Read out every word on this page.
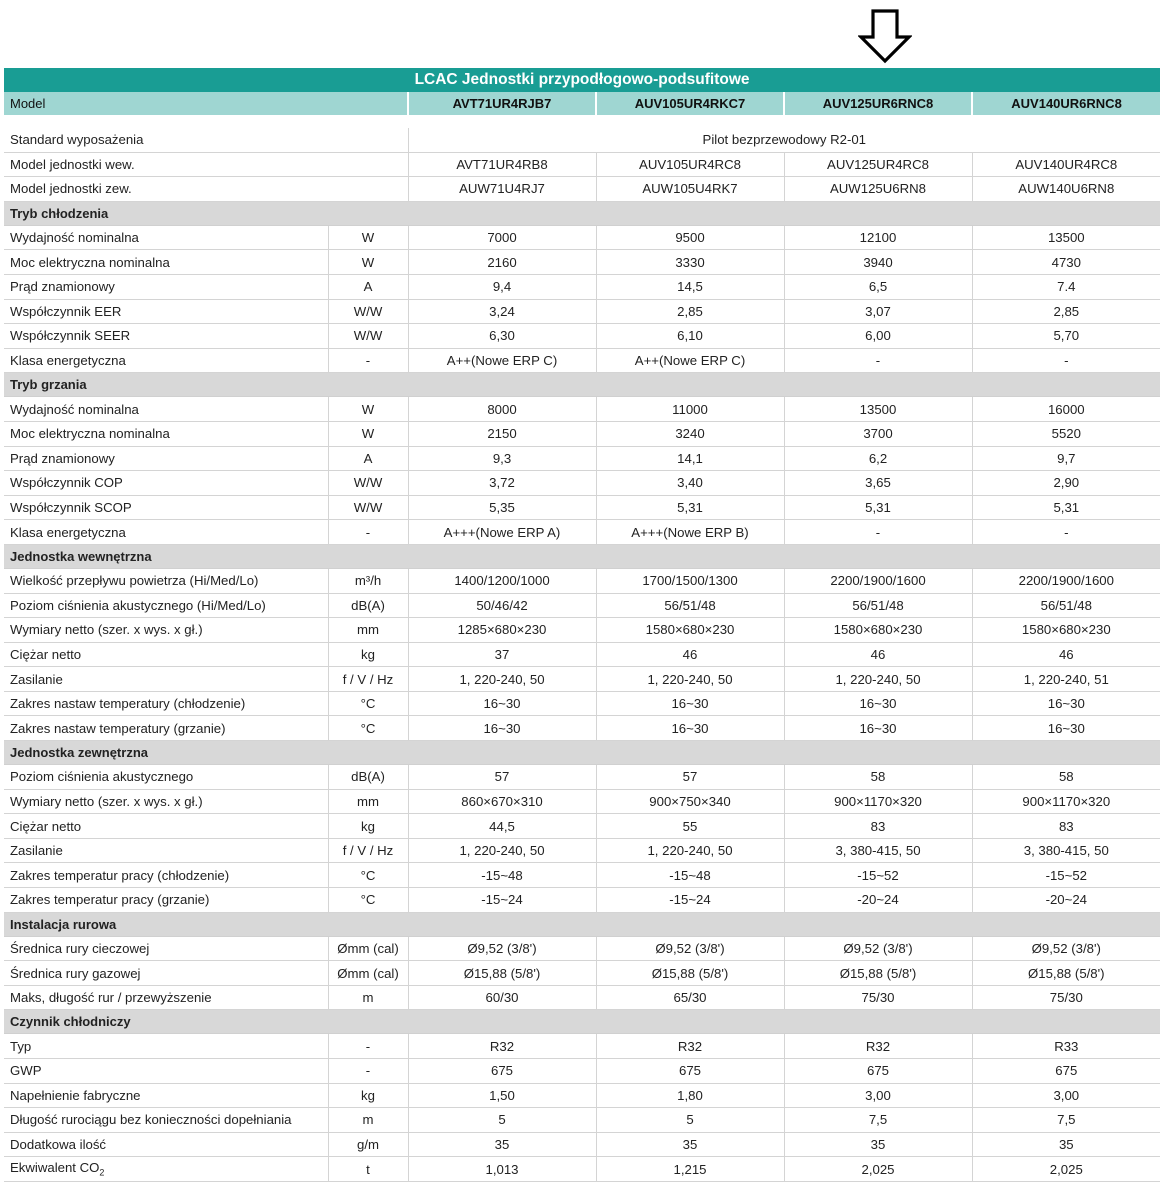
LCAC Jednostki przypodłogowo-podsufitowe					
Model		AVT71UR4RJB7	AUV105UR4RKC7	AUV125UR6RNC8	AUV140UR6RNC8

Standard wyposażenia		Pilot bezprzewodowy R2-01			
Model jednostki wew.		AVT71UR4RB8	AUV105UR4RC8	AUV125UR4RC8	AUV140UR4RC8
Model jednostki zew.		AUW71U4RJ7	AUW105U4RK7	AUW125U6RN8	AUW140U6RN8
Tryb chłodzenia					
Wydajność nominalna	W	7000	9500	12100	13500
Moc elektryczna nominalna	W	2160	3330	3940	4730
Prąd znamionowy	A	9,4	14,5	6,5	7.4
Współczynnik EER	W/W	3,24	2,85	3,07	2,85
Współczynnik SEER	W/W	6,30	6,10	6,00	5,70
Klasa energetyczna	-	A++(Nowe ERP C)	A++(Nowe ERP C)	-	-
Tryb grzania					
Wydajność nominalna	W	8000	11000	13500	16000
Moc elektryczna nominalna	W	2150	3240	3700	5520
Prąd znamionowy	A	9,3	14,1	6,2	9,7
Współczynnik COP	W/W	3,72	3,40	3,65	2,90
Współczynnik SCOP	W/W	5,35	5,31	5,31	5,31
Klasa energetyczna	-	A+++(Nowe ERP A)	A+++(Nowe ERP B)	-	-
Jednostka wewnętrzna					
Wielkość przepływu powietrza (Hi/Med/Lo)	m³/h	1400/1200/1000	1700/1500/1300	2200/1900/1600	2200/1900/1600
Poziom ciśnienia akustycznego (Hi/Med/Lo)	dB(A)	50/46/42	56/51/48	56/51/48	56/51/48
Wymiary netto (szer. x wys. x gł.)	mm	1285×680×230	1580×680×230	1580×680×230	1580×680×230
Ciężar netto	kg	37	46	46	46
Zasilanie	f / V / Hz	1, 220-240, 50	1, 220-240, 50	1, 220-240, 50	1, 220-240, 51
Zakres nastaw temperatury (chłodzenie)	°C	16~30	16~30	16~30	16~30
Zakres nastaw temperatury (grzanie)	°C	16~30	16~30	16~30	16~30
Jednostka zewnętrzna					
Poziom ciśnienia akustycznego	dB(A)	57	57	58	58
Wymiary netto (szer. x wys. x gł.)	mm	860×670×310	900×750×340	900×1170×320	900×1170×320
Ciężar netto	kg	44,5	55	83	83
Zasilanie	f / V / Hz	1, 220-240, 50	1, 220-240, 50	3, 380-415, 50	3, 380-415, 50
Zakres temperatur pracy (chłodzenie)	°C	-15~48	-15~48	-15~52	-15~52
Zakres temperatur pracy (grzanie)	°C	-15~24	-15~24	-20~24	-20~24
Instalacja rurowa					
Średnica rury cieczowej	Ømm (cal)	Ø9,52 (3/8')	Ø9,52 (3/8')	Ø9,52 (3/8')	Ø9,52 (3/8')
Średnica rury gazowej	Ømm (cal)	Ø15,88 (5/8')	Ø15,88 (5/8')	Ø15,88 (5/8')	Ø15,88 (5/8')
Maks, długość rur / przewyższenie	m	60/30	65/30	75/30	75/30
Czynnik chłodniczy					
Typ	-	R32	R32	R32	R33
GWP	-	675	675	675	675
Napełnienie fabryczne	kg	1,50	1,80	3,00	3,00
Długość rurociągu bez konieczności dopełniania	m	5	5	7,5	7,5
Dodatkowa ilość	g/m	35	35	35	35
Ekwiwalent $CO_2$	t	1,013	1,215	2,025	2,025
